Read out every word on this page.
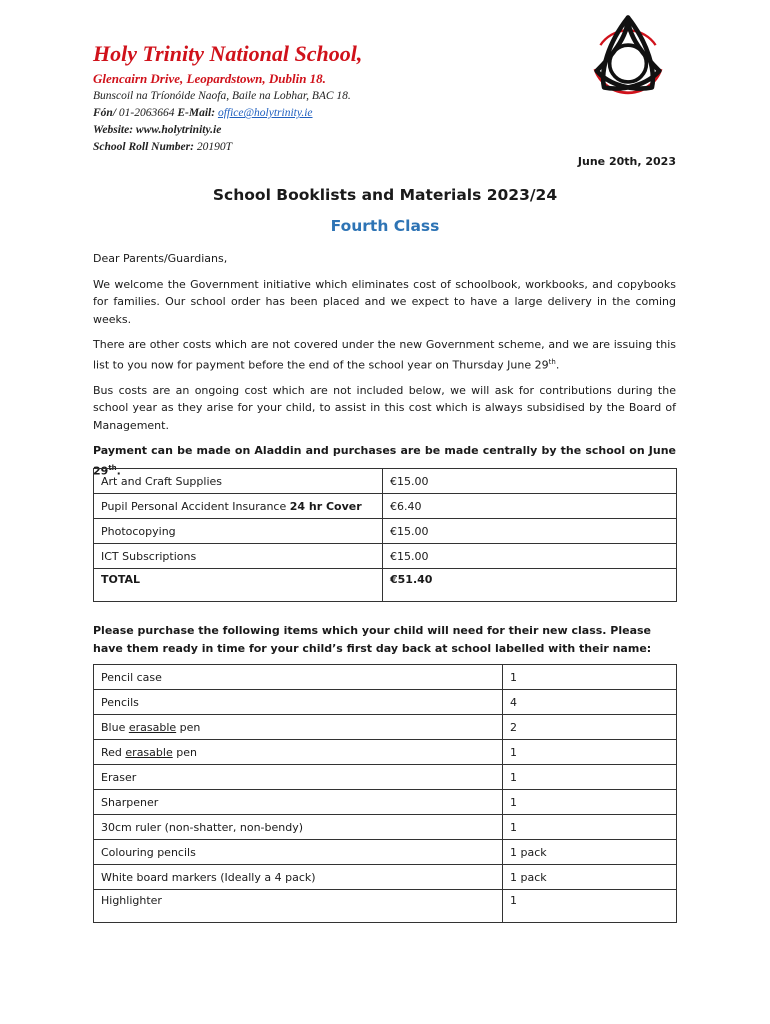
Holy Trinity National School,
Glencairn Drive, Leopardstown, Dublin 18.
Bunscoil na Tríonóide Naofa, Baile na Lobhar, BAC 18.
Fón/ 01-2063664 E-Mail: office@holytrinity.ie
Website: www.holytrinity.ie
School Roll Number: 20190T
June 20th, 2023
School Booklists and Materials 2023/24
Fourth Class

Dear Parents/Guardians,

We welcome the Government initiative which eliminates cost of schoolbook, workbooks, and copybooks for families. Our school order has been placed and we expect to have a large delivery in the coming weeks.

There are other costs which are not covered under the new Government scheme, and we are issuing this list to you now for payment before the end of the school year on Thursday June 29th.

Bus costs are an ongoing cost which are not included below, we will ask for contributions during the school year as they arise for your child, to assist in this cost which is always subsidised by the Board of Management.

Payment can be made on Aladdin and purchases are be made centrally by the school on June 29th.

Art and Craft Supplies	€15.00
Pupil Personal Accident Insurance 24 hr Cover	€6.40
Photocopying	€15.00
ICT Subscriptions	€15.00
TOTAL	€51.40
Please purchase the following items which your child will need for their new class. Please have them ready in time for your child’s first day back at school labelled with their name:
Pencil case	1
Pencils	4
Blue erasable pen	2
Red erasable pen	1
Eraser	1
Sharpener	1
30cm ruler (non-shatter, non-bendy)	1
Colouring pencils	1 pack
White board markers (Ideally a 4 pack)	1 pack
Highlighter	1
